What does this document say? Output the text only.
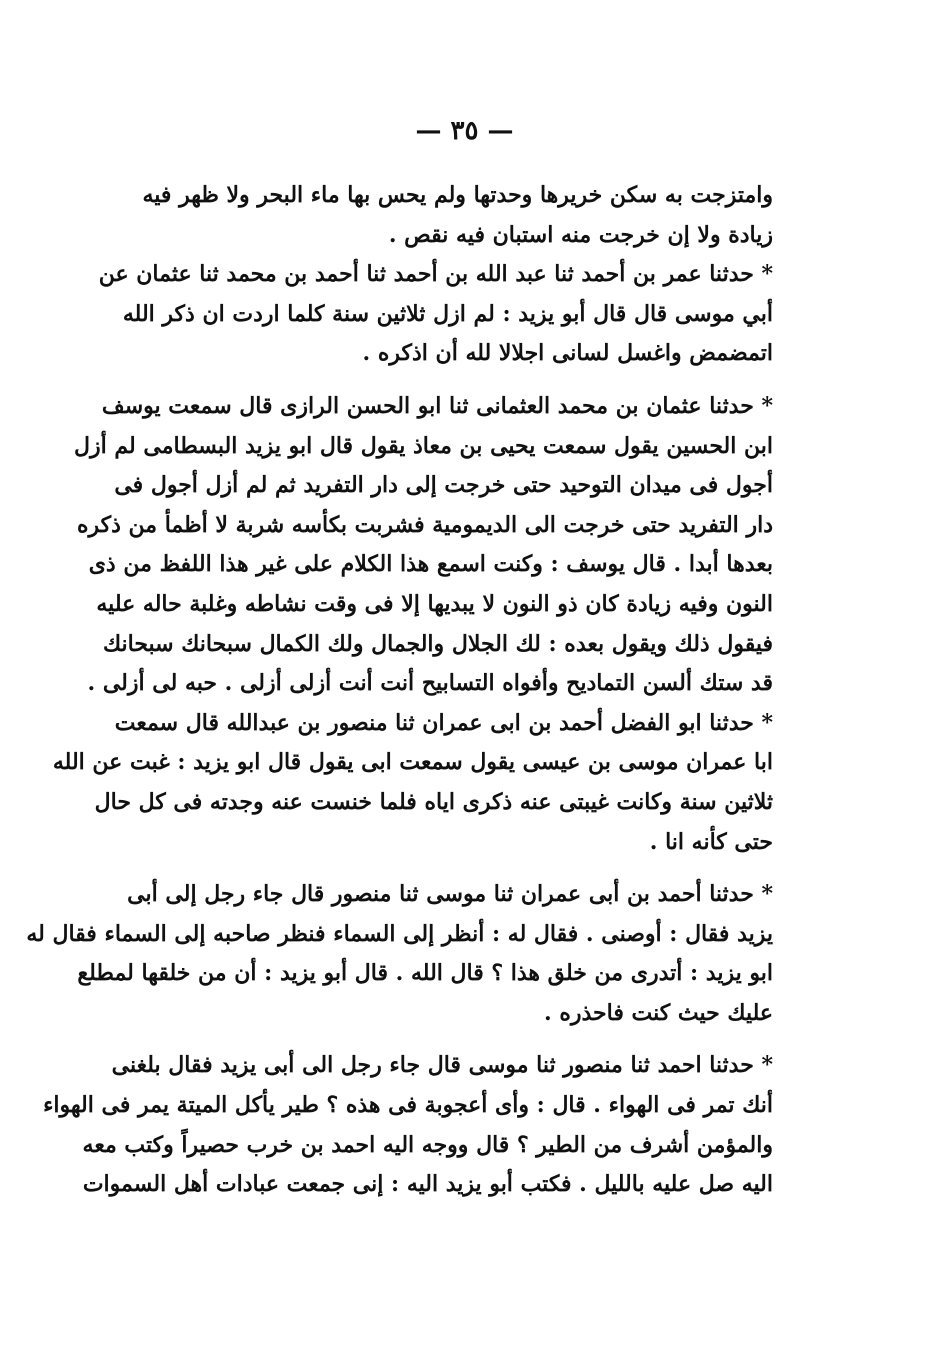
— ٣٥ —
وامتزجت به سكن خريرها وحدتها ولم يحس بها ماء البحر ولا ظهر فيه
زيادة ولا إن خرجت منه استبان فيه نقص .
* حدثنا عمر بن أحمد ثنا عبد الله بن أحمد ثنا أحمد بن محمد ثنا عثمان عن
أبي موسى قال قال أبو يزيد : لم ازل ثلاثين سنة كلما اردت ان ذكر الله
اتمضمض واغسل لسانى اجلالا لله أن اذكره .
* حدثنا عثمان بن محمد العثمانى ثنا ابو الحسن الرازى قال سمعت يوسف
ابن الحسين يقول سمعت يحيى بن معاذ يقول قال ابو يزيد البسطامى لم أزل
أجول فى ميدان التوحيد حتى خرجت إلى دار التفريد ثم لم أزل أجول فى
دار التفريد حتى خرجت الى الديمومية فشربت بكأسه شربة لا أظمأ من ذكره
بعدها أبدا . قال يوسف : وكنت اسمع هذا الكلام على غير هذا اللفظ من ذى
النون وفيه زيادة كان ذو النون لا يبديها إلا فى وقت نشاطه وغلبة حاله عليه
فيقول ذلك ويقول بعده : لك الجلال والجمال ولك الكمال سبحانك سبحانك
قد ستك ألسن التماديح وأفواه التسابيح أنت أنت أزلى أزلى . حبه لى أزلى .
* حدثنا ابو الفضل أحمد بن ابى عمران ثنا منصور بن عبدالله قال سمعت
ابا عمران موسى بن عيسى يقول سمعت ابى يقول قال ابو يزيد : غبت عن الله
ثلاثين سنة وكانت غيبتى عنه ذكرى اياه فلما خنست عنه وجدته فى كل حال
حتى كأنه انا .
* حدثنا أحمد بن أبى عمران ثنا موسى ثنا منصور قال جاء رجل إلى أبى
يزيد فقال : أوصنى . فقال له : أنظر إلى السماء فنظر صاحبه إلى السماء فقال له
ابو يزيد : أتدرى من خلق هذا ؟ قال الله . قال أبو يزيد : أن من خلقها لمطلع
عليك حيث كنت فاحذره .
* حدثنا احمد ثنا منصور ثنا موسى قال جاء رجل الى أبى يزيد فقال بلغنى
أنك تمر فى الهواء . قال : وأى أعجوبة فى هذه ؟ طير يأكل الميتة يمر فى الهواء
والمؤمن أشرف من الطير ؟ قال ووجه اليه احمد بن خرب حصيراً وكتب معه
اليه صل عليه بالليل . فكتب أبو يزيد اليه : إنى جمعت عبادات أهل السموات
